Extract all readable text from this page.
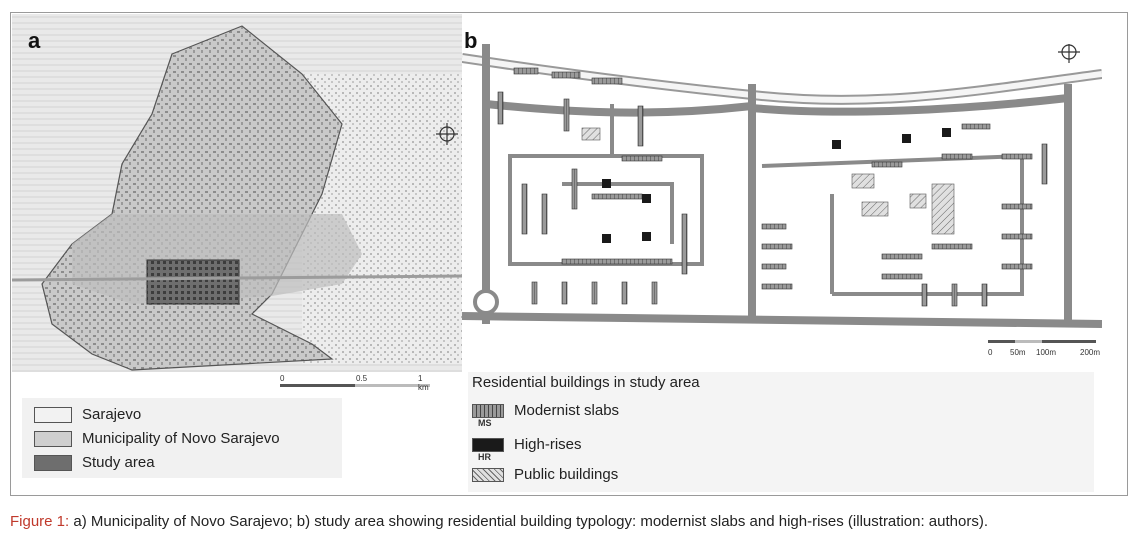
a
0	0.5	1 km
b
0 50m 100m	200m
Sarajevo
Municipality of Novo Sarajevo
Study area
Residential buildings in study area
Modernist slabs
MS
High-rises
HR
Public buildings
Figure 1: a) Municipality of Novo Sarajevo; b) study area showing residential building typology: modernist slabs and high-rises (illustration: authors).
